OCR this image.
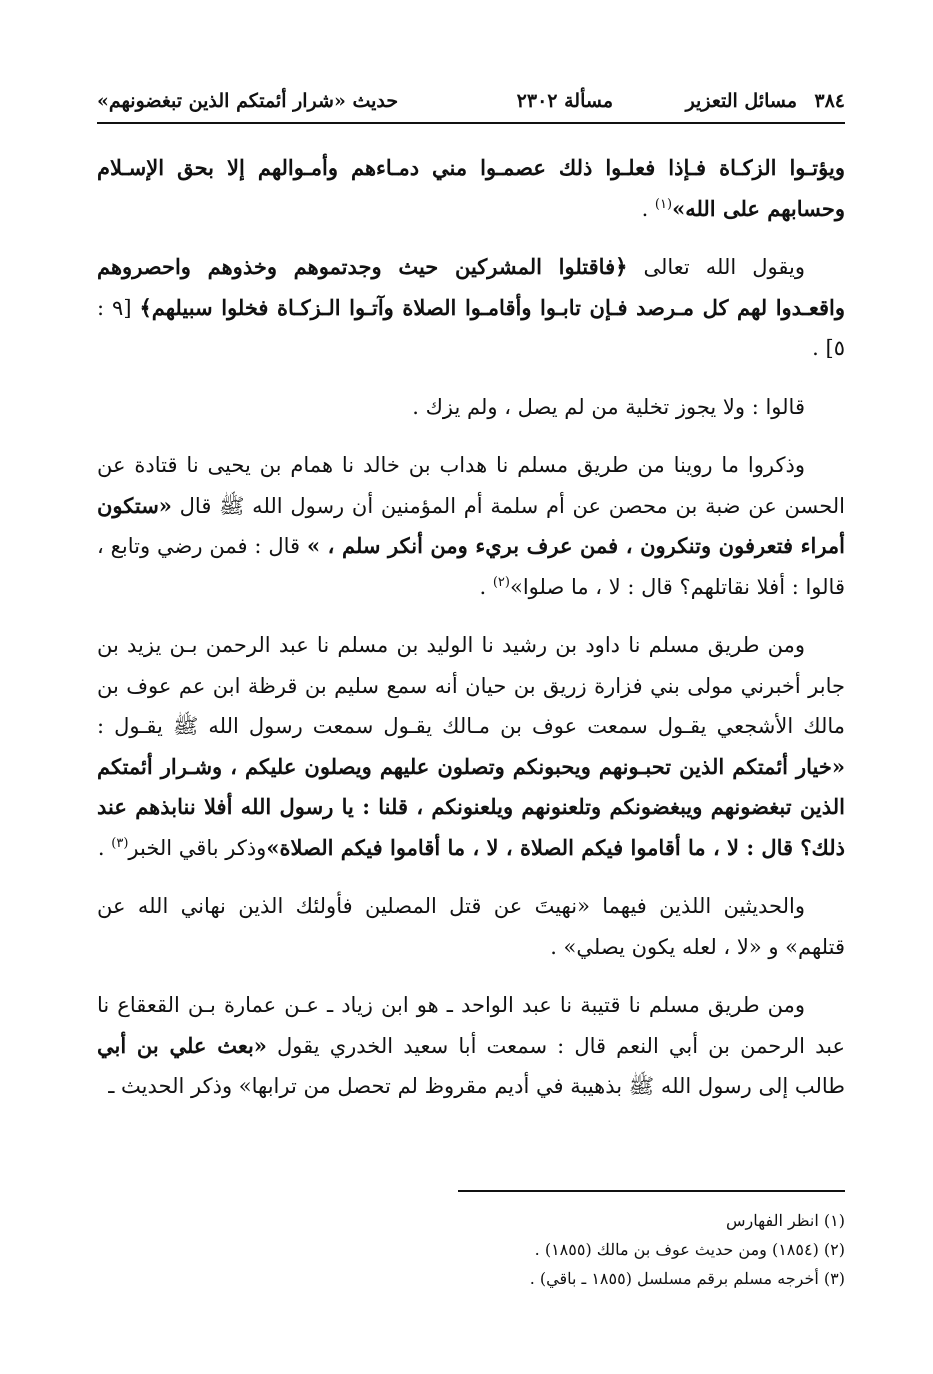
٣٨٤
مسائل التعزير
مسألة ٢٣٠٢
حديث «شرار أئمتكم الذين تبغضونهم»

ويؤتـوا الزكـاة فـإذا فعلـوا ذلك عصمـوا مني دمـاءهم وأمـوالهم إلا بحق الإسـلام وحسابهم على الله»$^{(١)}$ .

ويقول الله تعالى ﴿فاقتلوا المشركين حيث وجدتموهم وخذوهم واحصروهم واقعـدوا لهم كل مـرصد فـإن تابـوا وأقامـوا الصلاة وآتـوا الـزكـاة فخلوا سبيلهم﴾ [٩ : ٥] .

قالوا : ولا يجوز تخلية من لم يصل ، ولم يزك .

وذكروا ما روينا من طريق مسلم نا هداب بن خالد نا همام بن يحيى نا قتادة عن الحسن عن ضبة بن محصن عن أم سلمة أم المؤمنين أن رسول الله ﷺ قال «ستكون أمراء فتعرفون وتنكرون ، فمن عرف بريء ومن أنكر سلم ، » قال : فمن رضي وتابع ، قالوا : أفلا نقاتلهم؟ قال : لا ، ما صلوا»$^{(٢)}$ .

ومن طريق مسلم نا داود بن رشيد نا الوليد بن مسلم نا عبد الرحمن بـن يزيد بن جابر أخبرني مولى بني فزارة زريق بن حيان أنه سمع سليم بن قرظة ابن عم عوف بن مالك الأشجعي يقـول سمعت عوف بن مـالك يقـول سمعت رسول الله ﷺ يقـول : «خيار أئمتكم الذين تحبـونهم ويحبونكم وتصلون عليهم ويصلون عليكم ، وشـرار أئمتكم الذين تبغضونهم ويبغضونكم وتلعنونهم ويلعنونكم ، قلنا : يا رسول الله أفلا ننابذهم عند ذلك؟ قال : لا ، ما أقاموا فيكم الصلاة ، لا ، ما أقاموا فيكم الصلاة»وذكر باقي الخبر$^{(٣)}$ .

والحديثين اللذين فيهما «نهيتَ عن قتل المصلين فأولئك الذين نهاني الله عن قتلهم» و «لا ، لعله يكون يصلي» .

ومن طريق مسلم نا قتيبة نا عبد الواحد ـ هو ابن زياد ـ عـن عمارة بـن القعقاع نا عبد الرحمن بن أبي النعم قال : سمعت أبا سعيد الخدري يقول «بعث علي بن أبي طالب إلى رسول الله ﷺ بذهيبة في أديم مقروظ لم تحصل من ترابها» وذكر الحديث ـ

(١) انظر الفهارس
(٢) (١٨٥٤) ومن حديث عوف بن مالك (١٨٥٥) .
(٣) أخرجه مسلم برقم مسلسل (١٨٥٥ ـ باقي) .
